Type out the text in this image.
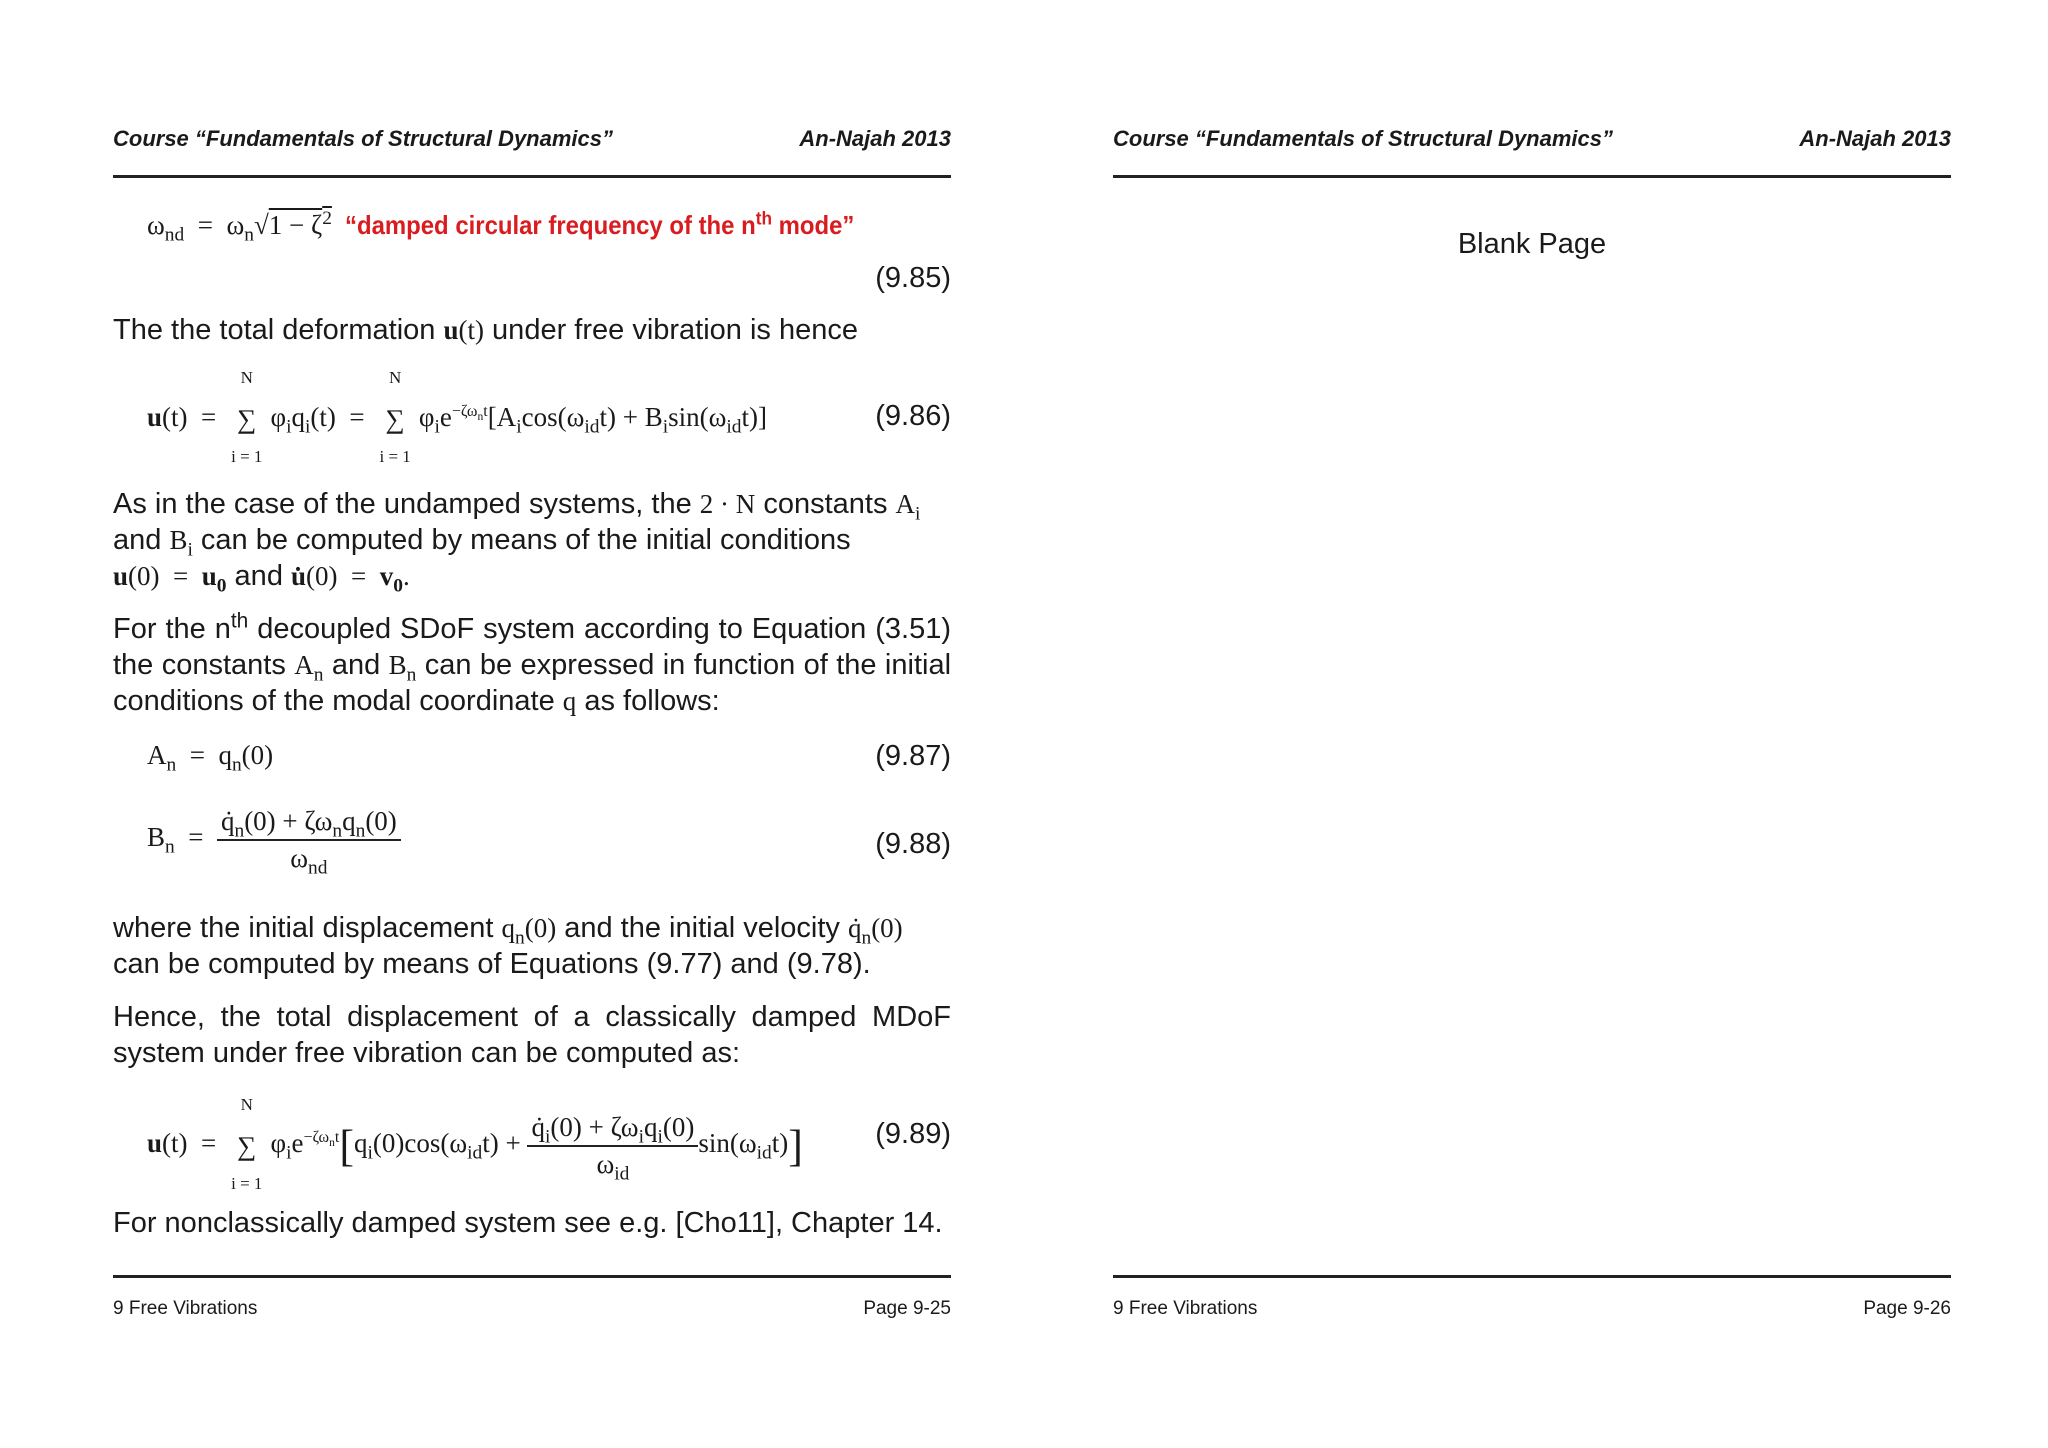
Course “Fundamentals of Structural Dynamics”	An-Najah 2013
$\omega_{nd} = \omega_n√1 - \zeta^2$ “damped circular frequency of the $n^{th}$ mode”
(9.85)
The the total deformation u(t) under free vibration is hence
u(t)  =
N
∑
i = 1
$\varphi_iq_i(t)$  =
N
∑
i = 1
$\varphi_ie^{-\zeta\omega_nt}[A_i\cos(\omega_{id}t) + B_i\sin(\omega_{id}t)]$	(9.86)
As in the case of the undamped systems, the 2 · N constants $A_i$
and $B_i$ can be computed by means of the initial conditions
$u(0) = u_0$ and u̇(0)  =  $v_0$.
For the $n^{th}$ decoupled SDoF system according to Equation (3.51) the constants $A_n$ and $B_n$ can be expressed in function of the initial conditions of the modal coordinate q as follows:
$A_n = q_n(0)$	(9.87)
$B_n = \frac{q̇_n(0) + \zeta\omega_nq_n(0)}{\omega_{nd}}$	(9.88)
where the initial displacement $q_n(0)$ and the initial velocity $q̇_n(0)$
can be computed by means of Equations (9.77) and (9.78).
Hence, the total displacement of a classically damped MDoF system under free vibration can be computed as:
u(t)  =
N
∑
i = 1
$\varphi_ie^{-\zeta\omega_nt}[q_i(0)\cos(\omega_{id}t) + \frac{q̇_i(0) + \zeta\omega_iq_i(0)}{\omega_{id}} \sin(\omega_{id}t)]$ (9.89)
For nonclassically damped system see e.g. [Cho11], Chapter 14.
9 Free Vibrations	Page 9-25
Course “Fundamentals of Structural Dynamics”	An-Najah 2013
Blank Page
9 Free Vibrations	Page 9-26
